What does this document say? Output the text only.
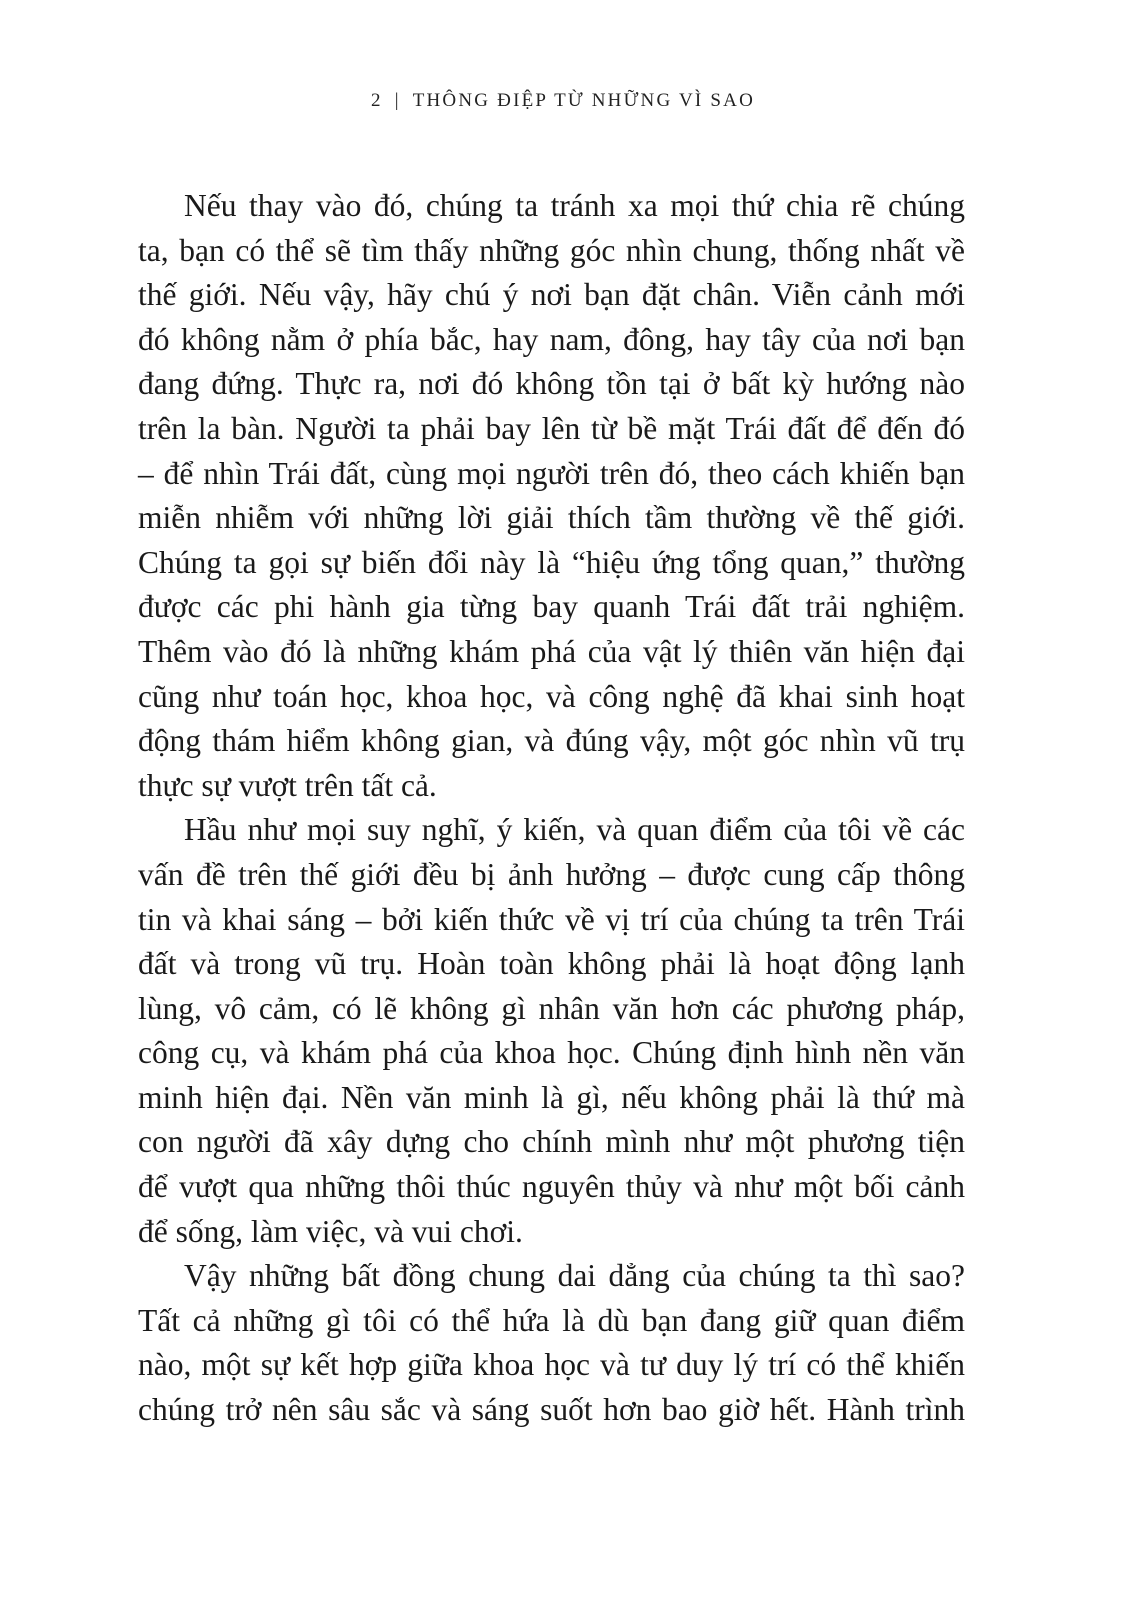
2 | THÔNG ĐIỆP TỪ NHỮNG VÌ SAO
Nếu thay vào đó, chúng ta tránh xa mọi thứ chia rẽ chúng
ta, bạn có thể sẽ tìm thấy những góc nhìn chung, thống nhất về
thế giới. Nếu vậy, hãy chú ý nơi bạn đặt chân. Viễn cảnh mới
đó không nằm ở phía bắc, hay nam, đông, hay tây của nơi bạn
đang đứng. Thực ra, nơi đó không tồn tại ở bất kỳ hướng nào
trên la bàn. Người ta phải bay lên từ bề mặt Trái đất để đến đó
– để nhìn Trái đất, cùng mọi người trên đó, theo cách khiến bạn
miễn nhiễm với những lời giải thích tầm thường về thế giới.
Chúng ta gọi sự biến đổi này là “hiệu ứng tổng quan,” thường
được các phi hành gia từng bay quanh Trái đất trải nghiệm.
Thêm vào đó là những khám phá của vật lý thiên văn hiện đại
cũng như toán học, khoa học, và công nghệ đã khai sinh hoạt
động thám hiểm không gian, và đúng vậy, một góc nhìn vũ trụ
thực sự vượt trên tất cả.
Hầu như mọi suy nghĩ, ý kiến, và quan điểm của tôi về các
vấn đề trên thế giới đều bị ảnh hưởng – được cung cấp thông
tin và khai sáng – bởi kiến thức về vị trí của chúng ta trên Trái
đất và trong vũ trụ. Hoàn toàn không phải là hoạt động lạnh
lùng, vô cảm, có lẽ không gì nhân văn hơn các phương pháp,
công cụ, và khám phá của khoa học. Chúng định hình nền văn
minh hiện đại. Nền văn minh là gì, nếu không phải là thứ mà
con người đã xây dựng cho chính mình như một phương tiện
để vượt qua những thôi thúc nguyên thủy và như một bối cảnh
để sống, làm việc, và vui chơi.
Vậy những bất đồng chung dai dẳng của chúng ta thì sao?
Tất cả những gì tôi có thể hứa là dù bạn đang giữ quan điểm
nào, một sự kết hợp giữa khoa học và tư duy lý trí có thể khiến
chúng trở nên sâu sắc và sáng suốt hơn bao giờ hết. Hành trình
